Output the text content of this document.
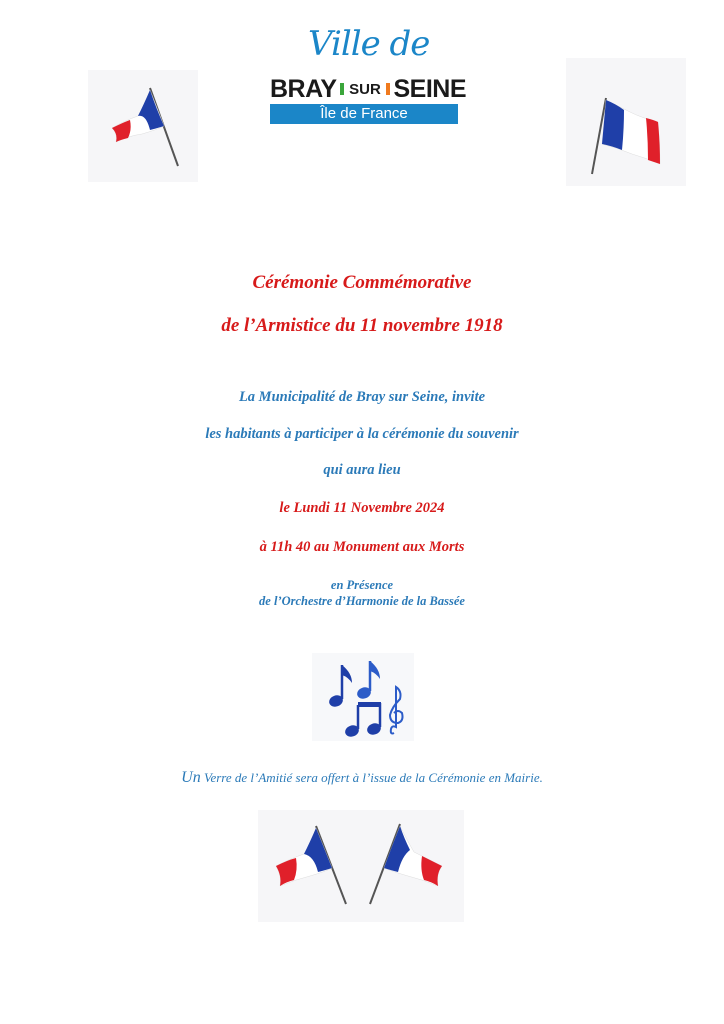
Ville de
BRAY SUR SEINE
Île de France
Cérémonie Commémorative
de l’Armistice du 11 novembre 1918
La Municipalité de Bray sur Seine, invite
les habitants à participer à la cérémonie du souvenir
qui aura lieu
le Lundi 11 Novembre 2024
à 11h 40 au Monument aux Morts
en Présence
de l’Orchestre d’Harmonie de la Bassée
Un Verre de l’Amitié sera offert à l’issue de la Cérémonie en Mairie.
